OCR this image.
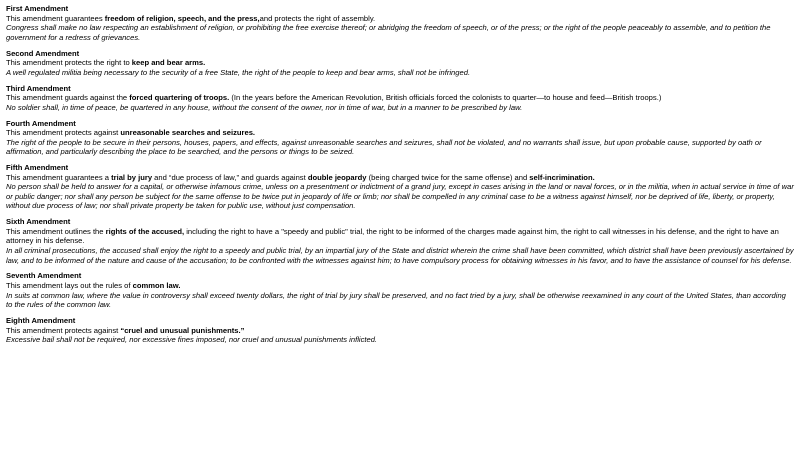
First Amendment
This amendment guarantees freedom of religion, speech, and the press,and protects the right of assembly.
Congress shall make no law respecting an establishment of religion, or prohibiting the free exercise thereof; or abridging the freedom of speech, or of the press; or the right of the people peaceably to assemble, and to petition the government for a redress of grievances.
Second Amendment
This amendment protects the right to keep and bear arms.
A well regulated militia being necessary to the security of a free State, the right of the people to keep and bear arms, shall not be infringed.
Third Amendment
This amendment guards against the forced quartering of troops. (In the years before the American Revolution, British officials forced the colonists to quarter—to house and feed—British troops.)
No soldier shall, in time of peace, be quartered in any house, without the consent of the owner, nor in time of war, but in a manner to be prescribed by law.
Fourth Amendment
This amendment protects against unreasonable searches and seizures.
The right of the people to be secure in their persons, houses, papers, and effects, against unreasonable searches and seizures, shall not be violated, and no warrants shall issue, but upon probable cause, supported by oath or affirmation, and particularly describing the place to be searched, and the persons or things to be seized.
Fifth Amendment
This amendment guarantees a trial by jury and “due process of law,” and guards against double jeopardy (being charged twice for the same offense) and self-incrimination.
No person shall be held to answer for a capital, or otherwise infamous crime, unless on a presentment or indictment of a grand jury, except in cases arising in the land or naval forces, or in the militia, when in actual service in time of war or public danger; nor shall any person be subject for the same offense to be twice put in jeopardy of life or limb; nor shall be compelled in any criminal case to be a witness against himself, nor be deprived of life, liberty, or property, without due process of law; nor shall private property be taken for public use, without just compensation.
Sixth Amendment
This amendment outlines the rights of the accused, including the right to have a "speedy and public" trial, the right to be informed of the charges made against him, the right to call witnesses in his defense, and the right to have an attorney in his defense.
In all criminal prosecutions, the accused shall enjoy the right to a speedy and public trial, by an impartial jury of the State and district wherein the crime shall have been committed, which district shall have been previously ascertained by law, and to be informed of the nature and cause of the accusation; to be confronted with the witnesses against him; to have compulsory process for obtaining witnesses in his favor, and to have the assistance of counsel for his defense.
Seventh Amendment
This amendment lays out the rules of common law.
In suits at common law, where the value in controversy shall exceed twenty dollars, the right of trial by jury shall be preserved, and no fact tried by a jury, shall be otherwise reexamined in any court of the United States, than according to the rules of the common law.
Eighth Amendment
This amendment protects against “cruel and unusual punishments.”
Excessive bail shall not be required, nor excessive fines imposed, nor cruel and unusual punishments inflicted.
